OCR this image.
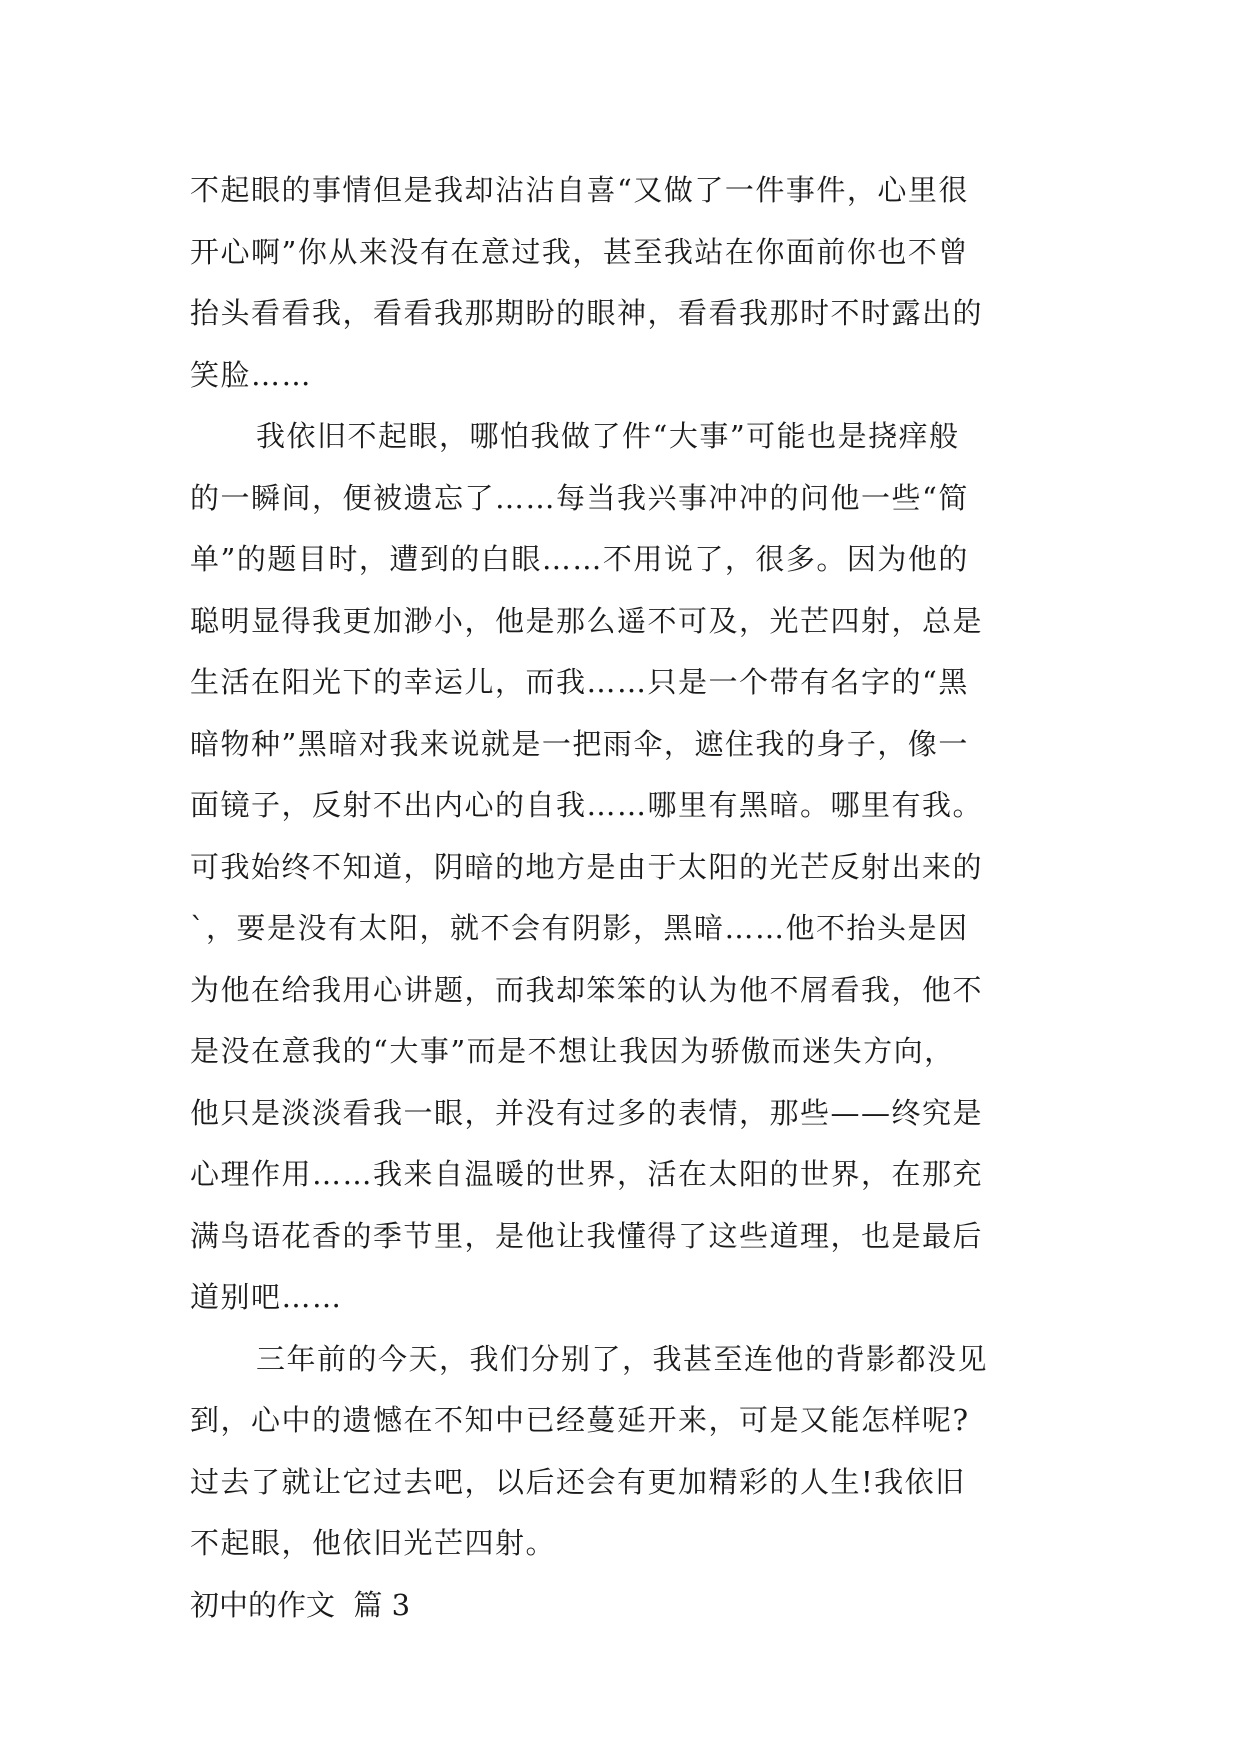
不起眼的事情但是我却沾沾自喜“又做了一件事件，心里很
开心啊”你从来没有在意过我，甚至我站在你面前你也不曾
抬头看看我，看看我那期盼的眼神，看看我那时不时露出的
笑脸……
我依旧不起眼，哪怕我做了件“大事”可能也是挠痒般
的一瞬间，便被遗忘了……每当我兴事冲冲的问他一些“简
单”的题目时，遭到的白眼……不用说了，很多。因为他的
聪明显得我更加渺小，他是那么遥不可及，光芒四射，总是
生活在阳光下的幸运儿，而我……只是一个带有名字的“黑
暗物种”黑暗对我来说就是一把雨伞，遮住我的身子，像一
面镜子，反射不出内心的自我……哪里有黑暗。哪里有我。
可我始终不知道，阴暗的地方是由于太阳的光芒反射出来的
`，要是没有太阳，就不会有阴影，黑暗……他不抬头是因
为他在给我用心讲题，而我却笨笨的认为他不屑看我，他不
是没在意我的“大事”而是不想让我因为骄傲而迷失方向，
他只是淡淡看我一眼，并没有过多的表情，那些——终究是
心理作用……我来自温暖的世界，活在太阳的世界，在那充
满鸟语花香的季节里，是他让我懂得了这些道理，也是最后
道别吧……
三年前的今天，我们分别了，我甚至连他的背影都没见
到，心中的遗憾在不知中已经蔓延开来，可是又能怎样呢?
过去了就让它过去吧，以后还会有更加精彩的人生!我依旧
不起眼，他依旧光芒四射。
初中的作文  篇 3
